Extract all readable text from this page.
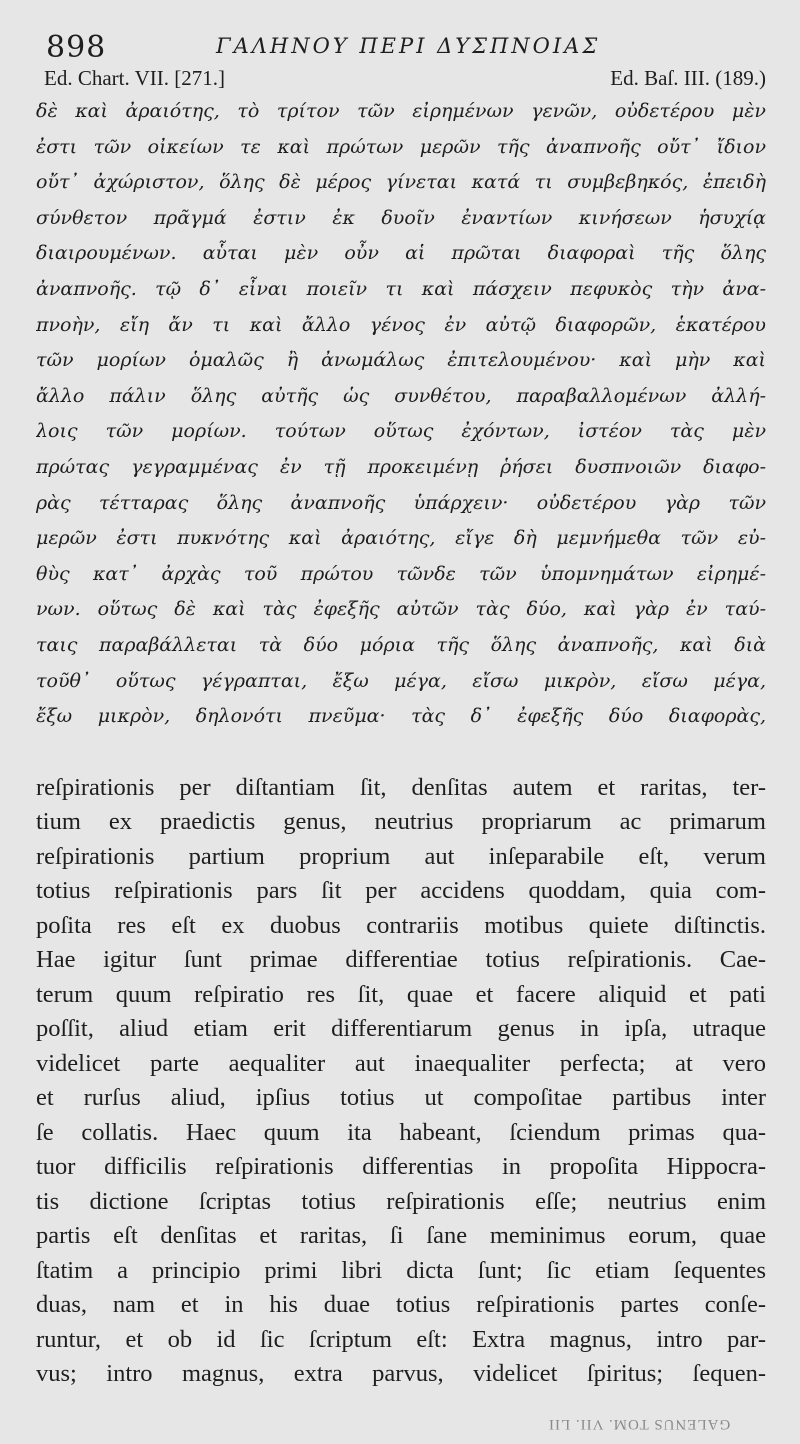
898	ΓΑΛΗΝΟΥ ΠΕΡΙ ΔΥΣΠΝΟΙΑΣ
Ed. Chart. VII. [271.]	Ed. Baſ. III. (189.)
δὲ καὶ ἀραιότης, τὸ τρίτον τῶν εἰρημένων γενῶν, οὐδετέρου μὲν
ἐστι τῶν οἰκείων τε καὶ πρώτων μερῶν τῆς ἀναπνοῆς οὔτ᾽ ἴδιον
οὔτ᾽ ἀχώριστον, ὅλης δὲ μέρος γίνεται κατά τι συμβεβηκός, ἐπειδὴ
σύνθετον πρᾶγμά ἐστιν ἐκ δυοῖν ἐναντίων κινήσεων ἡσυχίᾳ
διαιρουμένων. αὗται μὲν οὖν αἱ πρῶται διαφοραὶ τῆς ὅλης
ἀναπνοῆς. τῷ δ᾽ εἶναι ποιεῖν τι καὶ πάσχειν πεφυκὸς τὴν ἀνα-
πνοὴν, εἴη ἄν τι καὶ ἄλλο γένος ἐν αὐτῷ διαφορῶν, ἑκατέρου
τῶν μορίων ὁμαλῶς ἢ ἀνωμάλως ἐπιτελουμένου· καὶ μὴν καὶ
ἄλλο πάλιν ὅλης αὐτῆς ὡς συνθέτου, παραβαλλομένων ἀλλή-
λοις τῶν μορίων. τούτων οὕτως ἐχόντων, ἰστέον τὰς μὲν
πρώτας γεγραμμένας ἐν τῇ προκειμένῃ ῥήσει δυσπνοιῶν διαφο-
ρὰς τέτταρας ὅλης ἀναπνοῆς ὑπάρχειν· οὐδετέρου γὰρ τῶν
μερῶν ἐστι πυκνότης καὶ ἀραιότης, εἴγε δὴ μεμνήμεθα τῶν εὐ-
θὺς κατ᾽ ἀρχὰς τοῦ πρώτου τῶνδε τῶν ὑπομνημάτων εἰρημέ-
νων. οὕτως δὲ καὶ τὰς ἐφεξῆς αὐτῶν τὰς δύο, καὶ γὰρ ἐν ταύ-
ταις παραβάλλεται τὰ δύο μόρια τῆς ὅλης ἀναπνοῆς, καὶ διὰ
τοῦθ᾽ οὕτως γέγραπται, ἔξω μέγα, εἴσω μικρὸν, εἴσω μέγα,
ἔξω μικρὸν, δηλονότι πνεῦμα· τὰς δ᾽ ἐφεξῆς δύο διαφορὰς,
reſpirationis per diſtantiam ſit, denſitas autem et raritas, ter-
tium ex praedictis genus, neutrius propriarum ac primarum
reſpirationis partium proprium aut inſeparabile eſt, verum
totius reſpirationis pars ſit per accidens quoddam, quia com-
poſita res eſt ex duobus contrariis motibus quiete diſtinctis.
Hae igitur ſunt primae differentiae totius reſpirationis. Cae-
terum quum reſpiratio res ſit, quae et facere aliquid et pati
poſſit, aliud etiam erit differentiarum genus in ipſa, utraque
videlicet parte aequaliter aut inaequaliter perfecta; at vero
et rurſus aliud, ipſius totius ut compoſitae partibus inter
ſe collatis. Haec quum ita habeant, ſciendum primas qua-
tuor difficilis reſpirationis differentias in propoſita Hippocra-
tis dictione ſcriptas totius reſpirationis eſſe; neutrius enim
partis eſt denſitas et raritas, ſi ſane meminimus eorum, quae
ſtatim a principio primi libri dicta ſunt; ſic etiam ſequentes
duas, nam et in his duae totius reſpirationis partes conſe-
runtur, et ob id ſic ſcriptum eſt: Extra magnus, intro par-
vus; intro magnus, extra parvus, videlicet ſpiritus; ſequen-
GALENUS TOM. VII. LII
